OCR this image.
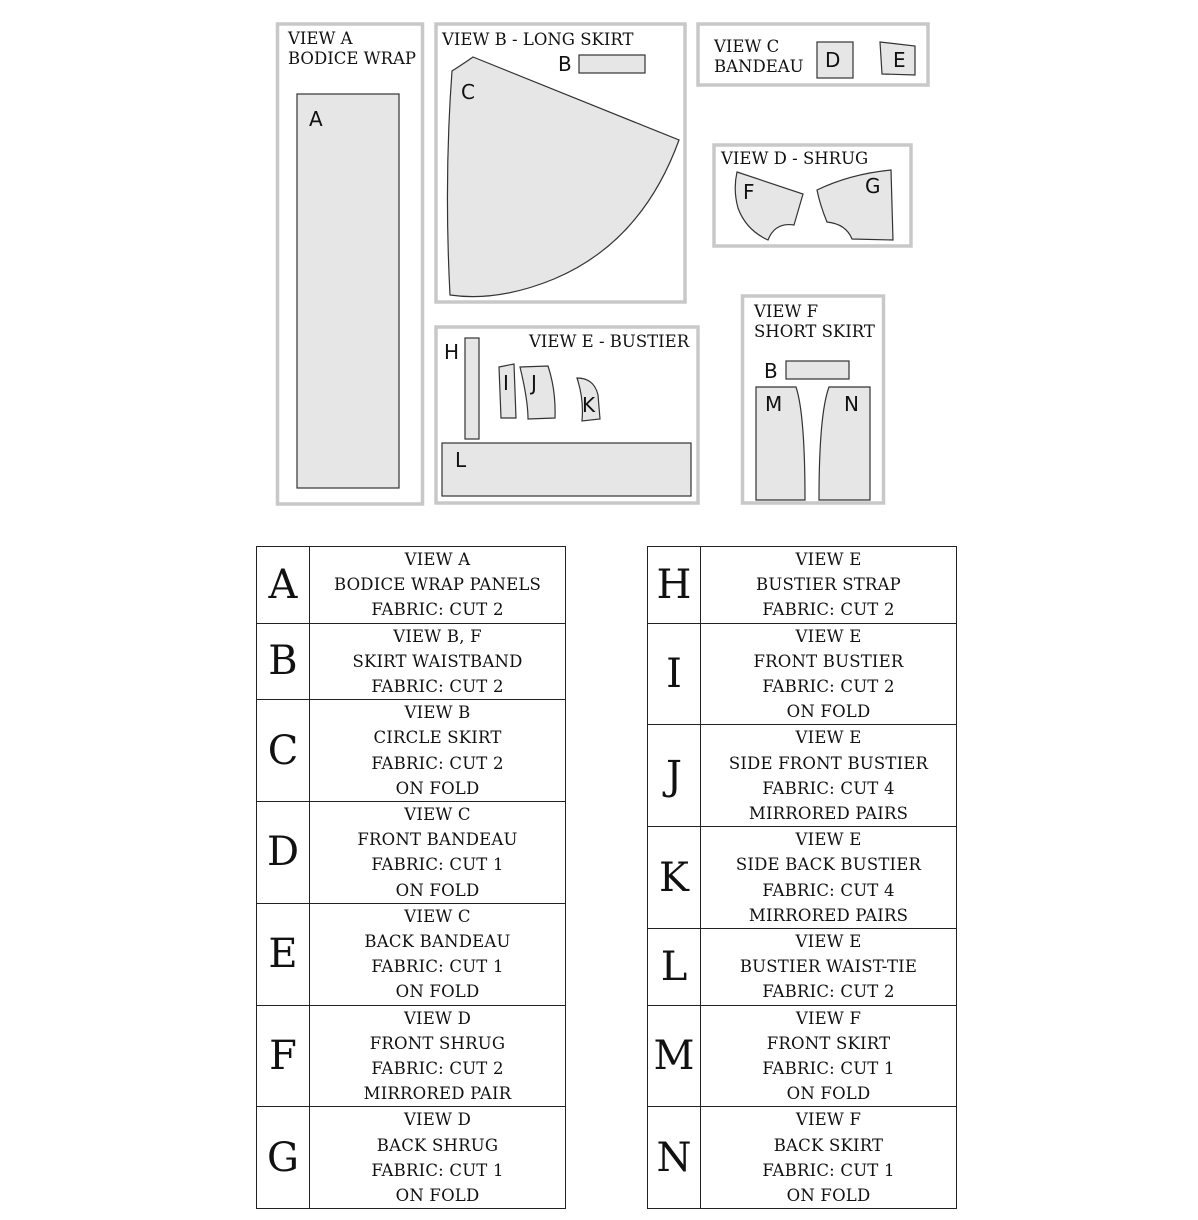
VIEW A
BODICE WRAP
A
VIEW B - LONG SKIRT
B
C
VIEW C
BANDEAU D	E
VIEW D - SHRUG
F	G
VIEW E - BUSTIER
H
I J
K
L
VIEW F
SHORT SKIRT
B
M	N
A	VIEW A
BODICE WRAP PANELS
FABRIC: CUT 2

B	VIEW B, F
SKIRT WAISTBAND
FABRIC: CUT 2

C	VIEW B
CIRCLE SKIRT
FABRIC: CUT 2
ON FOLD

D	VIEW C
FRONT BANDEAU
FABRIC: CUT 1
ON FOLD

E	VIEW C
BACK BANDEAU
FABRIC: CUT 1
ON FOLD

F	VIEW D
FRONT SHRUG
FABRIC: CUT 2
MIRRORED PAIR

G	VIEW D
BACK SHRUG
FABRIC: CUT 1
ON FOLD
H	VIEW E
BUSTIER STRAP
FABRIC: CUT 2

I	VIEW E
FRONT BUSTIER
FABRIC: CUT 2
ON FOLD

J	VIEW E
SIDE FRONT BUSTIER
FABRIC: CUT 4
MIRRORED PAIRS

K	VIEW E
SIDE BACK BUSTIER
FABRIC: CUT 4
MIRRORED PAIRS

L	VIEW E
BUSTIER WAIST-TIE
FABRIC: CUT 2

M	VIEW F
FRONT SKIRT
FABRIC: CUT 1
ON FOLD

N	VIEW F
BACK SKIRT
FABRIC: CUT 1
ON FOLD
